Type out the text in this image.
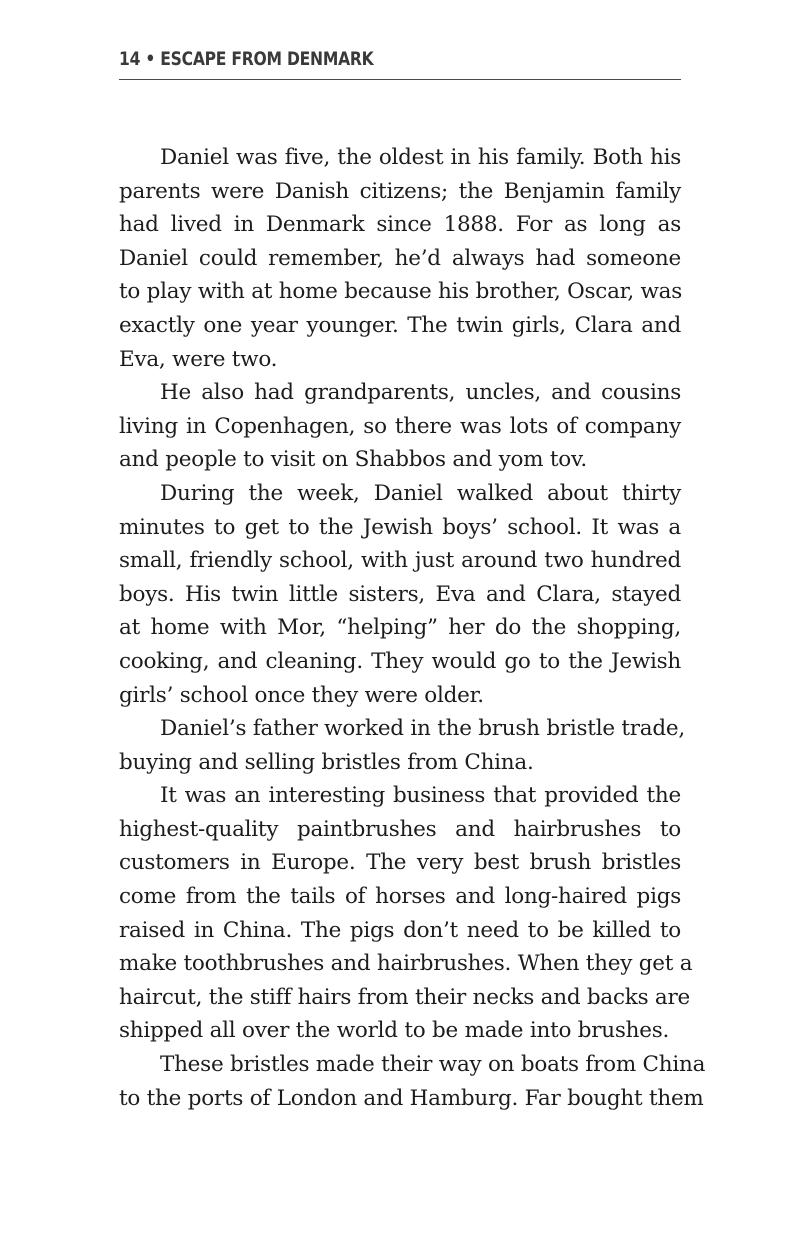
14 • ESCAPE FROM DENMARK
Daniel was five, the oldest in his family. Both his
parents were Danish citizens; the Benjamin family
had lived in Denmark since 1888. For as long as
Daniel could remember, he’d always had someone
to play with at home because his brother, Oscar, was
exactly one year younger. The twin girls, Clara and
Eva, were two.
He also had grandparents, uncles, and cousins
living in Copenhagen, so there was lots of company
and people to visit on Shabbos and yom tov.
During the week, Daniel walked about thirty
minutes to get to the Jewish boys’ school. It was a
small, friendly school, with just around two hundred
boys. His twin little sisters, Eva and Clara, stayed
at home with Mor, “helping” her do the shopping,
cooking, and cleaning. They would go to the Jewish
girls’ school once they were older.
Daniel’s father worked in the brush bristle trade,
buying and selling bristles from China.
It was an interesting business that provided the
highest-quality paintbrushes and hairbrushes to
customers in Europe. The very best brush bristles
come from the tails of horses and long-haired pigs
raised in China. The pigs don’t need to be killed to
make toothbrushes and hairbrushes. When they get a
haircut, the stiff hairs from their necks and backs are
shipped all over the world to be made into brushes.
These bristles made their way on boats from China
to the ports of London and Hamburg. Far bought them
